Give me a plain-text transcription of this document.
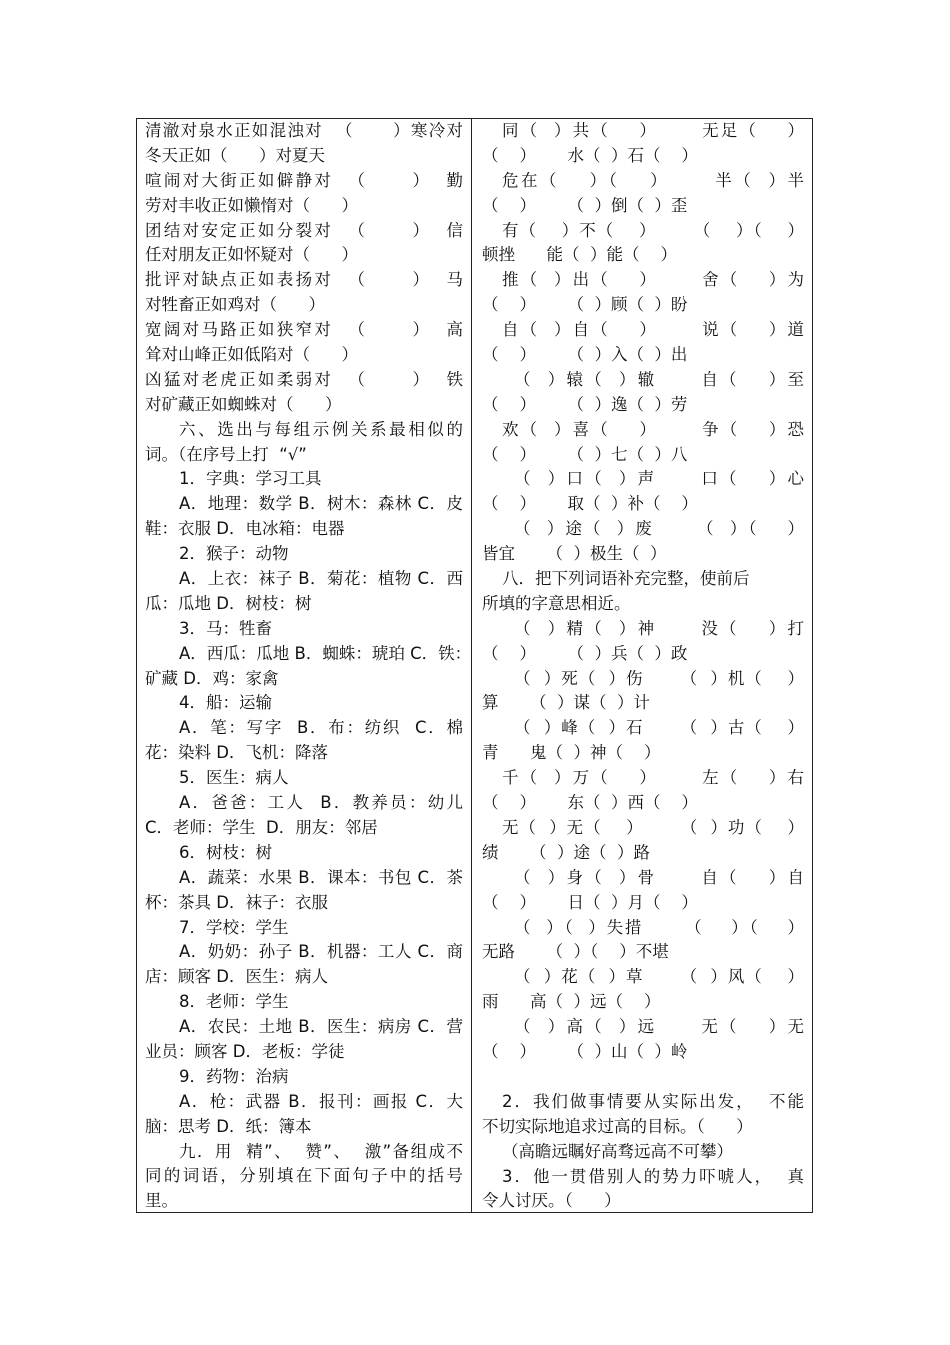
清澈对泉水正如混浊对  （      ）寒冷对
冬天正如（      ）对夏天
喧闹对大街正如僻静对  （      ）  勤
劳对丰收正如懒惰对（      ）
团结对安定正如分裂对  （      ）  信
任对朋友正如怀疑对（      ）
批评对缺点正如表扬对  （      ）  马
对牲畜正如鸡对（      ）
宽阔对马路正如狭窄对  （      ）  高
耸对山峰正如低陷对（      ）
凶猛对老虎正如柔弱对  （      ）  铁
对矿藏正如蜘蛛对（      ）
六、选出与每组示例关系最相似的
词。（在序号上打  “√”
1．字典：学习工具
A．地理：数学 B．树木：森林 C．皮
鞋：衣服 D．电冰箱：电器
2．猴子：动物
A．上衣：袜子 B．菊花：植物 C．西
瓜：瓜地 D．树枝：树
3．马：牲畜
A．西瓜：瓜地 B．蜘蛛：琥珀 C．铁：
矿藏 D．鸡：家禽
4．船：运输
A．笔：写字  B．布：纺织  C．棉
花：染料 D．飞机：降落
5．医生：病人
A．爸爸：工人  B．教养员：幼儿
C．老师：学生  D．朋友：邻居
6．树枝：树
A．蔬菜：水果 B．课本：书包 C．茶
杯：茶具 D．袜子：衣服
7．学校：学生
A．奶奶：孙子 B．机器：工人 C．商
店：顾客 D．医生：病人
8．老师：学生
A．农民：土地 B．医生：病房 C．营
业员：顾客 D．老板：学徒
9．药物：治病
A．枪：武器 B．报刊：画报 C．大
脑：思考 D．纸：簿本
九．用  精”、  赞”、  激”备组成不
同的词语，分别填在下面句子中的括号
里。
同（  ）共（    ）      无足（    ）
（    ）      水（  ）石（    ）
危在（    ）（    ）      半（  ）半
（    ）      （  ）倒（  ）歪
有（    ）不（    ）      （    ）（    ）
顿挫      能（  ）能（    ）
推（  ）出（    ）      舍（    ）为
（    ）      （  ）顾（  ）盼
自（  ）自（    ）      说（    ）道
（    ）      （  ）入（  ）出
（  ）辕（  ）辙      自（    ）至
（    ）      （  ）逸（  ）劳
欢（  ）喜（    ）      争（    ）恐
（    ）      （  ）七（  ）八
（  ）口（  ）声      口（    ）心
（    ）      取（  ）补（    ）
（  ）途（  ）废      （  ）（    ）
皆宜      （  ）极生（  ）
八．把下列词语补充完整，使前后
所填的字意思相近。
（  ）精（  ）神      没（    ）打
（    ）      （  ）兵（  ）政
（  ）死（  ）伤      （  ）机（    ）
算      （  ）谋（  ）计
（  ）峰（  ）石      （  ）古（    ）
青      鬼（  ）神（    ）
千（  ）万（    ）      左（    ）右
（    ）      东（  ）西（    ）
无（  ）无（    ）      （  ）功（    ）
绩      （  ）途（  ）路
（  ）身（  ）骨      自（    ）自
（    ）      日（  ）月（    ）
（  ）（  ）失措      （    ）（    ）
无路      （  ）（    ）不堪
（  ）花（  ）草      （  ）风（    ）
雨      高（  ）远（    ）
（  ）高（  ）远      无（    ）无
（    ）      （  ）山（  ）岭
2．我们做事情要从实际出发，  不能
不切实际地追求过高的目标。（      ）
（高瞻远瞩好高骛远高不可攀）
3．他一贯借别人的势力吓唬人，  真
令人讨厌。（      ）
